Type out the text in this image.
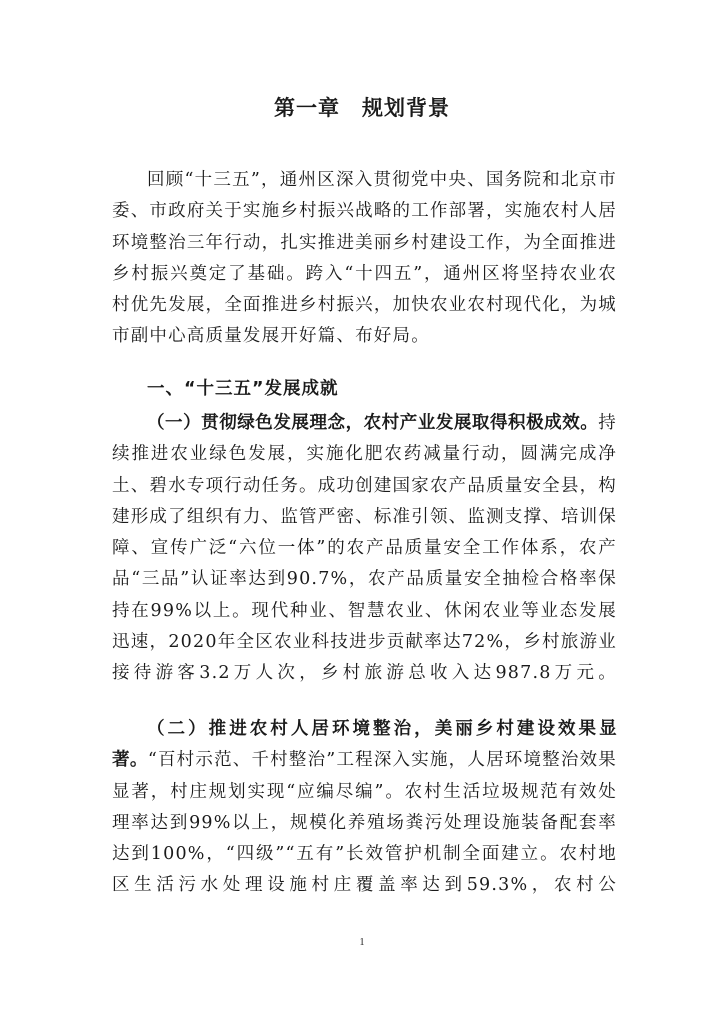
第一章　规划背景

回顾“十三五”，通州区深入贯彻党中央、国务院和北京市委、市政府关于实施乡村振兴战略的工作部署，实施农村人居环境整治三年行动，扎实推进美丽乡村建设工作，为全面推进乡村振兴奠定了基础。跨入“十四五”，通州区将坚持农业农村优先发展，全面推进乡村振兴，加快农业农村现代化，为城市副中心高质量发展开好篇、布好局。

一、“十三五”发展成就

（一）贯彻绿色发展理念，农村产业发展取得积极成效。持续推进农业绿色发展，实施化肥农药减量行动，圆满完成净土、碧水专项行动任务。成功创建国家农产品质量安全县，构建形成了组织有力、监管严密、标准引领、监测支撑、培训保障、宣传广泛“六位一体”的农产品质量安全工作体系，农产品“三品”认证率达到90.7%，农产品质量安全抽检合格率保持在99%以上。现代种业、智慧农业、休闲农业等业态发展迅速，2020年全区农业科技进步贡献率达72%，乡村旅游业接待游客3.2万人次，乡村旅游总收入达987.8万元。

（二）推进农村人居环境整治，美丽乡村建设效果显著。“百村示范、千村整治”工程深入实施，人居环境整治效果显著，村庄规划实现“应编尽编”。农村生活垃圾规范有效处理率达到99%以上，规模化养殖场粪污处理设施装备配套率达到100%，“四级”“五有”长效管护机制全面建立。农村地区生活污水处理设施村庄覆盖率达到59.3%，农村公

1
